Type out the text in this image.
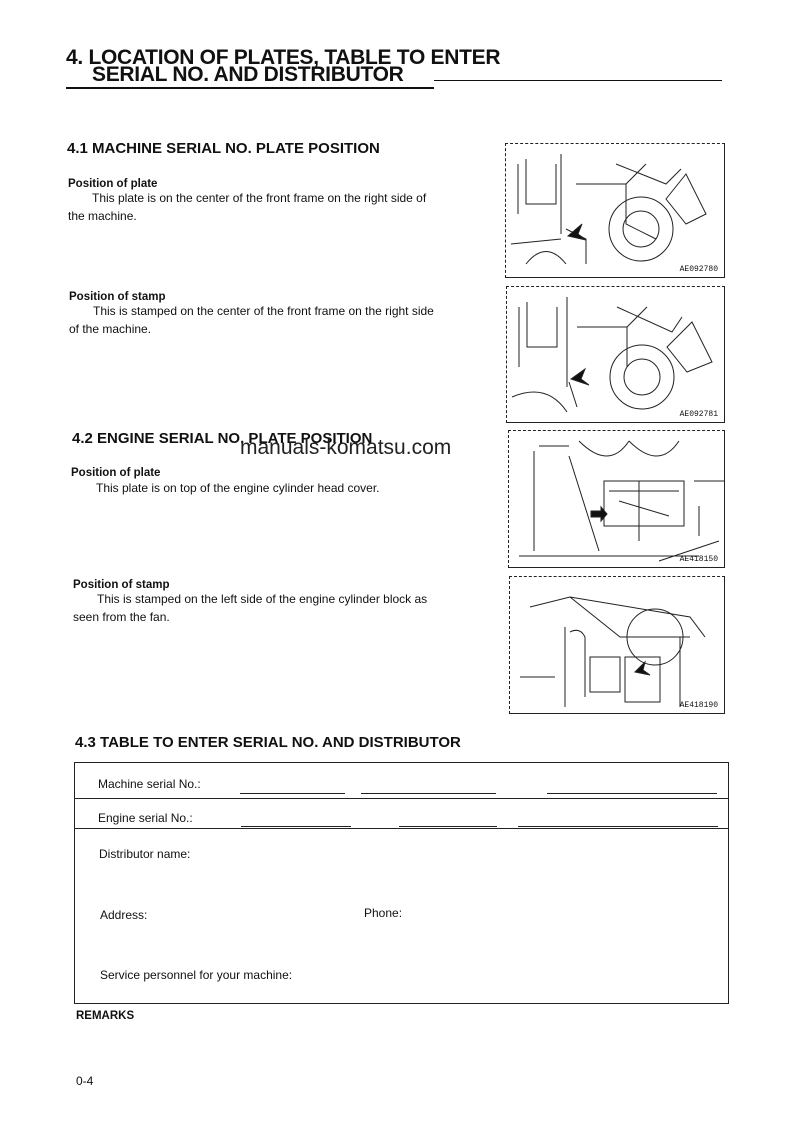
4. LOCATION OF PLATES, TABLE TO ENTER
SERIAL NO. AND DISTRIBUTOR
4.1 MACHINE SERIAL NO. PLATE POSITION
Position of plate
This plate is on the center of the front frame on the right side of
the machine.
Position of stamp
This is stamped on the center of the front frame on the right side
of the machine.
4.2 ENGINE SERIAL NO. PLATE POSITION
manuals-komatsu.com
Position of plate
This plate is on top of the engine cylinder head cover.
Position of stamp
This is stamped on the left side of the engine cylinder block as
seen from the fan.
AE092780
AE092781
AE418150
AE418190
4.3 TABLE TO ENTER SERIAL NO. AND DISTRIBUTOR
Machine serial No.:
Engine serial No.:
Distributor name:
Address:	Phone:
Service personnel for your machine:
REMARKS
0-4
